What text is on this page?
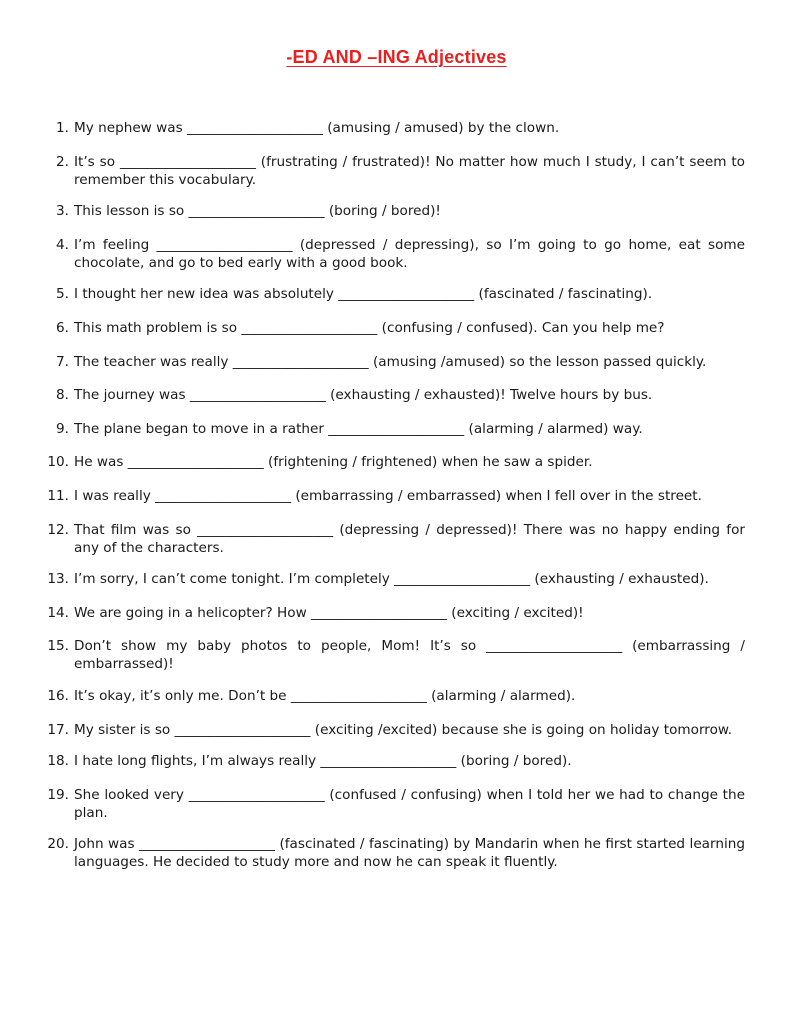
-ED AND –ING Adjectives
1. My nephew was ____________________ (amusing / amused) by the clown.
2. It’s so ____________________ (frustrating / frustrated)! No matter how much I study, I can’t seem to remember this vocabulary.
3. This lesson is so ____________________ (boring / bored)!
4. I’m feeling ____________________ (depressed / depressing), so I’m going to go home, eat some chocolate, and go to bed early with a good book.
5. I thought her new idea was absolutely ____________________ (fascinated / fascinating).
6. This math problem is so ____________________ (confusing / confused). Can you help me?
7. The teacher was really ____________________ (amusing /amused) so the lesson passed quickly.
8. The journey was ____________________ (exhausting / exhausted)! Twelve hours by bus.
9. The plane began to move in a rather ____________________ (alarming / alarmed) way.
10. He was ____________________ (frightening / frightened) when he saw a spider.
11. I was really ____________________ (embarrassing / embarrassed) when I fell over in the street.
12. That film was so ____________________ (depressing / depressed)! There was no happy ending for any of the characters.
13. I’m sorry, I can’t come tonight. I’m completely ____________________ (exhausting / exhausted).
14. We are going in a helicopter? How ____________________ (exciting / excited)!
15. Don’t show my baby photos to people, Mom! It’s so ____________________ (embarrassing / embarrassed)!
16. It’s okay, it’s only me. Don’t be ____________________ (alarming / alarmed).
17. My sister is so ____________________ (exciting /excited) because she is going on holiday tomorrow.
18. I hate long flights, I’m always really ____________________ (boring / bored).
19. She looked very ____________________ (confused / confusing) when I told her we had to change the plan.
20. John was ____________________ (fascinated / fascinating) by Mandarin when he first started learning languages. He decided to study more and now he can speak it fluently.
